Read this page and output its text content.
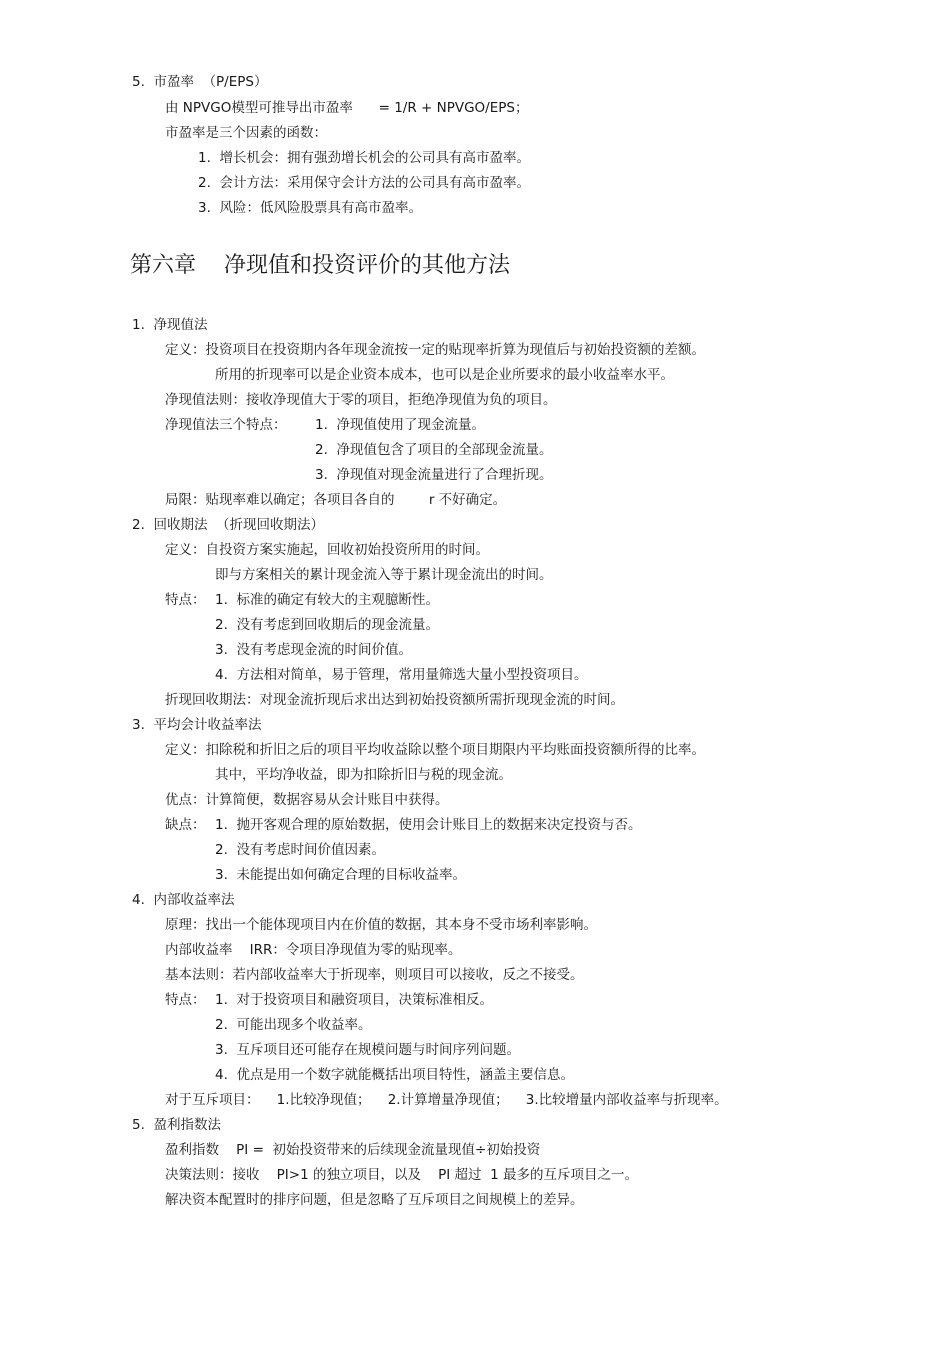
5.  市盈率  （P/EPS）
由 NPVGO模型可推导出市盈率      = 1/R + NPVGO/EPS；
市盈率是三个因素的函数：
1.  增长机会：拥有强劲增长机会的公司具有高市盈率。
2.  会计方法：采用保守会计方法的公司具有高市盈率。
3.  风险：低风险股票具有高市盈率。
第六章    净现值和投资评价的其他方法
1.  净现值法
定义：投资项目在投资期内各年现金流按一定的贴现率折算为现值后与初始投资额的差额。
所用的折现率可以是企业资本成本，也可以是企业所要求的最小收益率水平。
净现值法则：接收净现值大于零的项目，拒绝净现值为负的项目。
净现值法三个特点： 1.  净现值使用了现金流量。
2.  净现值包含了项目的全部现金流量。
3.  净现值对现金流量进行了合理折现。
局限：贴现率难以确定；各项目各自的        r 不好确定。
2.  回收期法  （折现回收期法）
定义：自投资方案实施起，回收初始投资所用的时间。
即与方案相关的累计现金流入等于累计现金流出的时间。
特点： 1.  标准的确定有较大的主观臆断性。
2.  没有考虑到回收期后的现金流量。
3.  没有考虑现金流的时间价值。
4.  方法相对简单，易于管理，常用量筛选大量小型投资项目。
折现回收期法：对现金流折现后求出达到初始投资额所需折现现金流的时间。
3.  平均会计收益率法
定义：扣除税和折旧之后的项目平均收益除以整个项目期限内平均账面投资额所得的比率。
其中，平均净收益，即为扣除折旧与税的现金流。
优点：计算简便，数据容易从会计账目中获得。
缺点： 1.  抛开客观合理的原始数据，使用会计账目上的数据来决定投资与否。
2.  没有考虑时间价值因素。
3.  未能提出如何确定合理的目标收益率。
4.  内部收益率法
原理：找出一个能体现项目内在价值的数据，其本身不受市场利率影响。
内部收益率    IRR：令项目净现值为零的贴现率。
基本法则：若内部收益率大于折现率，则项目可以接收，反之不接受。
特点： 1.  对于投资项目和融资项目，决策标准相反。
2.  可能出现多个收益率。
3.  互斥项目还可能存在规模问题与时间序列问题。
4.  优点是用一个数字就能概括出项目特性，涵盖主要信息。
对于互斥项目：    1.比较净现值；    2.计算增量净现值；    3.比较增量内部收益率与折现率。
5.  盈利指数法
盈利指数    PI =  初始投资带来的后续现金流量现值÷初始投资
决策法则：接收    PI>1 的独立项目，以及    PI 超过  1 最多的互斥项目之一。
解决资本配置时的排序问题，但是忽略了互斥项目之间规模上的差异。
